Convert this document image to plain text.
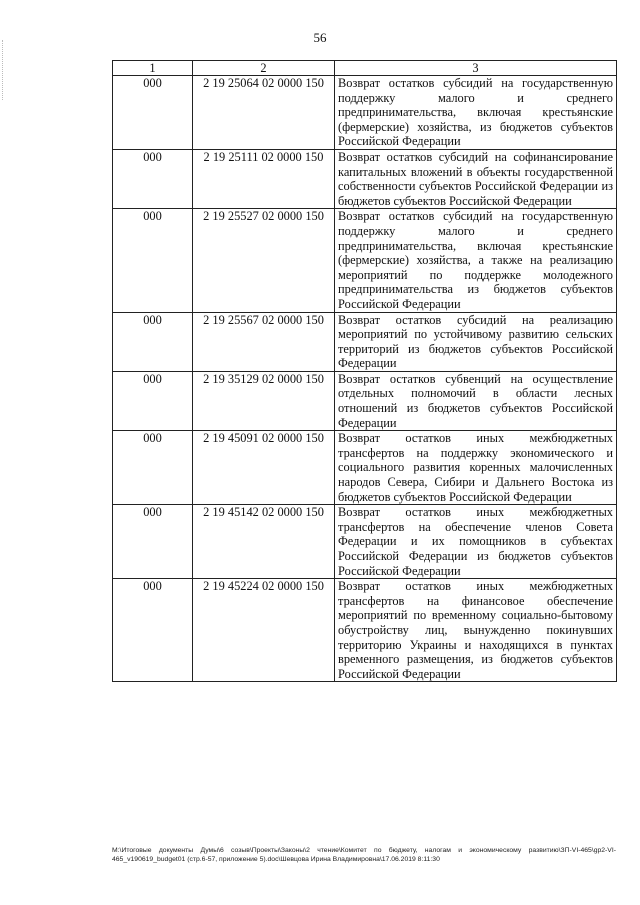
56
1	2	3
000	2 19 25064 02 0000 150	Возврат остатков субсидий на государственную поддержку малого и среднего предпринимательства, включая крестьянские (фермерские) хозяйства, из бюджетов субъектов Российской Федерации
000	2 19 25111 02 0000 150	Возврат остатков субсидий на софинансирование капитальных вложений в объекты государственной собственности субъектов Российской Федерации из бюджетов субъектов Российской Федерации
000	2 19 25527 02 0000 150	Возврат остатков субсидий на государственную поддержку малого и среднего предпринимательства, включая крестьянские (фермерские) хозяйства, а также на реализацию мероприятий по поддержке молодежного предпринимательства из бюджетов субъектов Российской Федерации
000	2 19 25567 02 0000 150	Возврат остатков субсидий на реализацию мероприятий по устойчивому развитию сельских территорий из бюджетов субъектов Российской Федерации
000	2 19 35129 02 0000 150	Возврат остатков субвенций на осуществление отдельных полномочий в области лесных отношений из бюджетов субъектов Российской Федерации
000	2 19 45091 02 0000 150	Возврат остатков иных межбюджетных трансфертов на поддержку экономического и социального развития коренных малочисленных народов Севера, Сибири и Дальнего Востока из бюджетов субъектов Российской Федерации
000	2 19 45142 02 0000 150	Возврат остатков иных межбюджетных трансфертов на обеспечение членов Совета Федерации и их помощников в субъектах Российской Федерации из бюджетов субъектов Российской Федерации
000	2 19 45224 02 0000 150	Возврат остатков иных межбюджетных трансфертов на финансовое обеспечение мероприятий по временному социально-бытовому обустройству лиц, вынужденно покинувших территорию Украины и находящихся в пунктах временного размещения, из бюджетов субъектов Российской Федерации
М:\Итоговые документы Думы\6 созыв\Проекты\Законы\2 чтение\Комитет по бюджету, налогам и экономическому развитию\ЗП-VI-465\gp2-VI-465_v190619_budget01 (стр.6-57, приложение 5).doc\Шевцова Ирина Владимировна\17.06.2019 8:11:30
